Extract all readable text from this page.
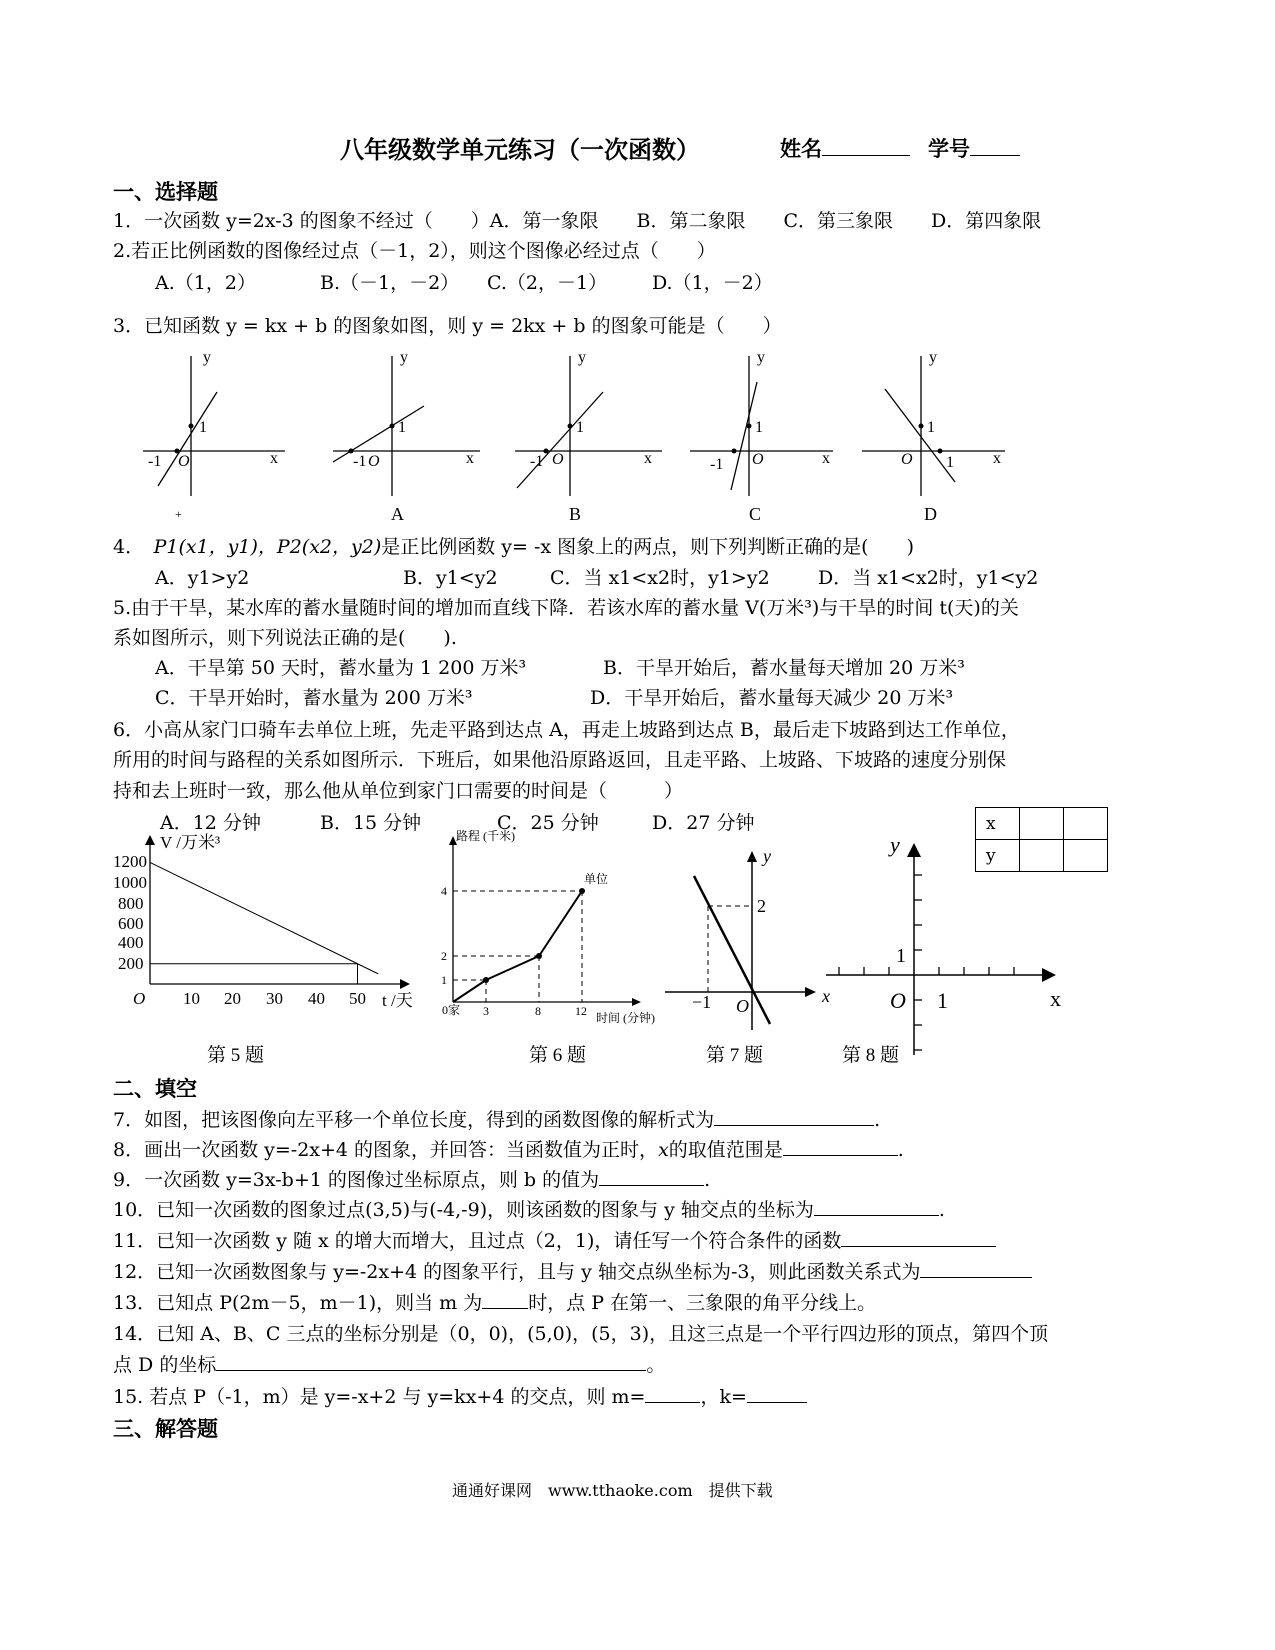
八年级数学单元练习（一次函数）	姓名	学号
一、选择题
1．一次函数 y=2x-3 的图象不经过（　　）A．第一象限　　B．第二象限　　C．第三象限　　D．第四象限
2.若正比例函数的图像经过点（－1，2），则这个图像必经过点（　　）
A.（1，2）	B.（－1，－2） C.（2，－1） D.（1，－2）
3．已知函数 y = kx + b 的图象如图，则 y = 2kx + b 的图象可能是（　　）
y
x
1
-1 O
+
y
x
1
-1 O
y
x
1
-1 O
y
x
1
-1 O
y
x
1
1
O
A	B	C	D
4．　P1(x1，y1)，P2(x2，y2)是正比例函数 y= -x 图象上的两点，则下列判断正确的是(　　)
A．y1>y2	B．y1<y2	C．当 x1<x2时，y1>y2	D．当 x1<x2时，y1<y2
5.由于干旱，某水库的蓄水量随时间的增加而直线下降．若该水库的蓄水量 V(万米³)与干旱的时间 t(天)的关
系如图所示，则下列说法正确的是(　　).
A．干旱第 50 天时，蓄水量为 1 200 万米³	B．干旱开始后，蓄水量每天增加 20 万米³
C．干旱开始时，蓄水量为 200 万米³	D．干旱开始后，蓄水量每天减少 20 万米³
6．小高从家门口骑车去单位上班，先走平路到达点 A，再走上坡路到达点 B，最后走下坡路到达工作单位，
所用的时间与路程的关系如图所示．下班后，如果他沿原路返回，且走平路、上坡路、下坡路的速度分别保
持和去上班时一致，那么他从单位到家门口需要的时间是（　　　）
A．12 分钟	B．15 分钟	C．25 分钟	D．27 分钟
V /万米³
t /天
1200
1000
800
600
400
200
O 10 20 30 40 50
第 5 题
路程 (千米)
时间 (分钟)
单位
0家
4
2
1
3	8	12
第 6 题
y
x
2
−1 O
第 7 题
y
x
1
1
O
第 8 题
x		
y		
二、填空
7．如图，把该图像向左平移一个单位长度，得到的函数图像的解析式为	.
8．画出一次函数 y=-2x+4 的图象，并回答：当函数值为正时，x的取值范围是	.
9．一次函数 y=3x-b+1 的图像过坐标原点，则 b 的值为	.
10．已知一次函数的图象过点(3,5)与(-4,-9)，则该函数的图象与 y 轴交点的坐标为	.
11．已知一次函数 y 随 x 的增大而增大，且过点（2，1)，请任写一个符合条件的函数
12．已知一次函数图象与 y=-2x+4 的图象平行，且与 y 轴交点纵坐标为-3，则此函数关系式为
13．已知点 P(2m－5，m－1)，则当 m 为 时，点 P 在第一、三象限的角平分线上。
14．已知 A、B、C 三点的坐标分别是（0，0)，(5,0)，(5，3)，且这三点是一个平行四边形的顶点，第四个顶
点 D 的坐标	。
15. 若点 P（-1，m）是 y=-x+2 与 y=kx+4 的交点，则 m=	，k=
三、解答题
通通好课网　www.tthaoke.com　提供下载
